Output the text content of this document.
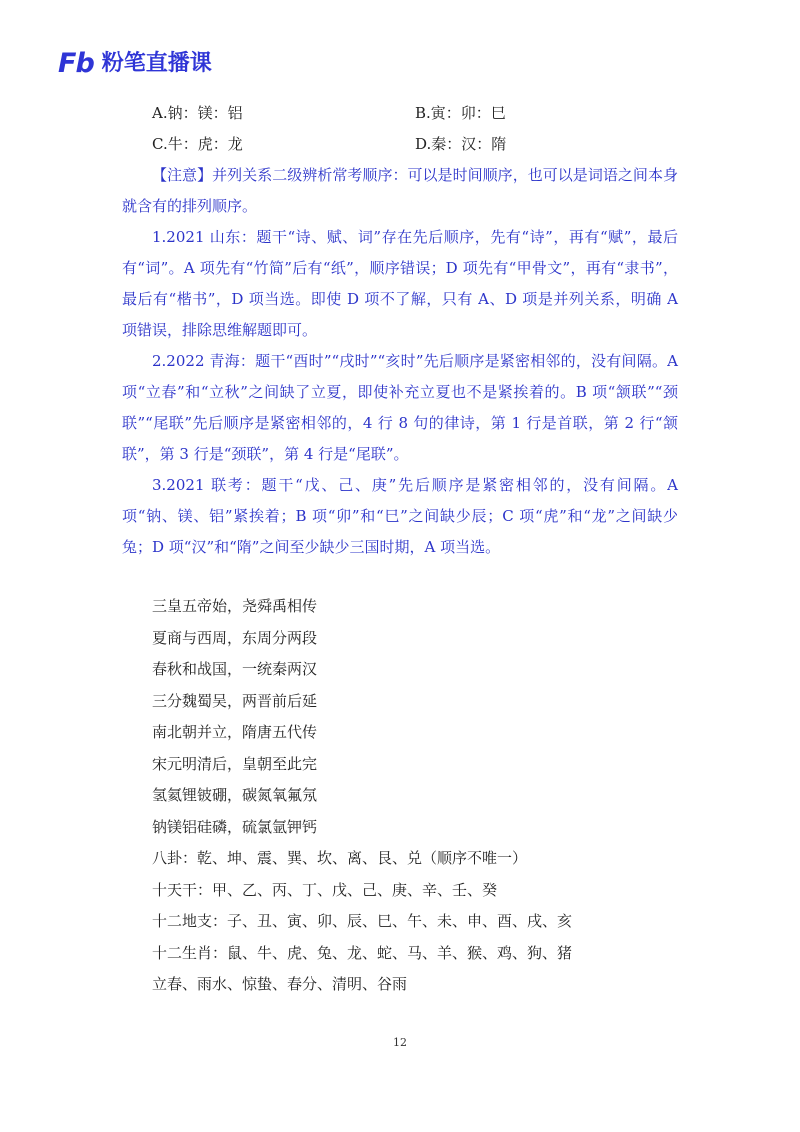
Fb 粉笔直播课
A.钠：镁：铝	B.寅：卯：巳
C.牛：虎：龙	D.秦：汉：隋

【注意】并列关系二级辨析常考顺序：可以是时间顺序，也可以是词语之间本身就含有的排列顺序。

1.2021 山东：题干“诗、赋、词”存在先后顺序，先有“诗”，再有“赋”，最后有“词”。A 项先有“竹简”后有“纸”，顺序错误；D 项先有“甲骨文”，再有“隶书”，最后有“楷书”，D 项当选。即使 D 项不了解，只有 A、D 项是并列关系，明确 A 项错误，排除思维解题即可。

2.2022 青海：题干“酉时”“戌时”“亥时”先后顺序是紧密相邻的，没有间隔。A 项“立春”和“立秋”之间缺了立夏，即使补充立夏也不是紧挨着的。B 项“颔联”“颈联”“尾联”先后顺序是紧密相邻的，4 行 8 句的律诗，第 1 行是首联，第 2 行“颔联”，第 3 行是“颈联”，第 4 行是“尾联”。

3.2021 联考：题干“戊、己、庚”先后顺序是紧密相邻的，没有间隔。A 项“钠、镁、铝”紧挨着；B 项“卯”和“巳”之间缺少辰；C 项“虎”和“龙”之间缺少兔；D 项“汉”和“隋”之间至少缺少三国时期，A 项当选。

三皇五帝始，尧舜禹相传
夏商与西周，东周分两段
春秋和战国，一统秦两汉
三分魏蜀吴，两晋前后延
南北朝并立，隋唐五代传
宋元明清后，皇朝至此完
氢氦锂铍硼，碳氮氧氟氖
钠镁铝硅磷，硫氯氩钾钙
八卦：乾、坤、震、巽、坎、离、艮、兑（顺序不唯一）
十天干：甲、乙、丙、丁、戊、己、庚、辛、壬、癸
十二地支：子、丑、寅、卯、辰、巳、午、未、申、酉、戌、亥
十二生肖：鼠、牛、虎、兔、龙、蛇、马、羊、猴、鸡、狗、猪
立春、雨水、惊蛰、春分、清明、谷雨
12
